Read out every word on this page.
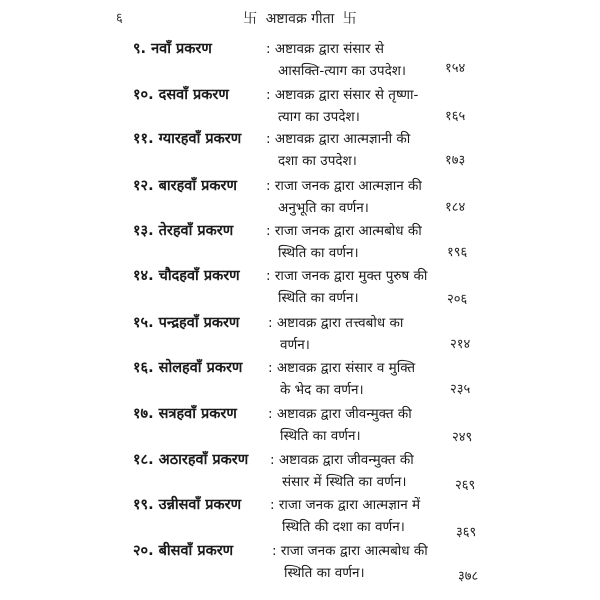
६	卐 अष्टावक्र गीता 卐
९. नवाँ प्रकरण	: अष्टावक्र द्वारा संसार से
आसक्ति-त्याग का उपदेश।	१५४
१०. दसवाँ प्रकरण	: अष्टावक्र द्वारा संसार से तृष्णा-
त्याग का उपदेश।	१६५
११. ग्यारहवाँ प्रकरण : अष्टावक्र द्वारा आत्मज्ञानी की
दशा का उपदेश।	१७३
१२. बारहवाँ प्रकरण : राजा जनक द्वारा आत्मज्ञान की
अनुभूति का वर्णन।	१८४
१३. तेरहवाँ प्रकरण : राजा जनक द्वारा आत्मबोध की
स्थिति का वर्णन।	१९६
१४. चौदहवाँ प्रकरण : राजा जनक द्वारा मुक्त पुरुष की
स्थिति का वर्णन।	२०६
१५. पन्द्रहवाँ प्रकरण : अष्टावक्र द्वारा तत्त्वबोध का
वर्णन।	२१४
१६. सोलहवाँ प्रकरण : अष्टावक्र द्वारा संसार व मुक्ति
के भेद का वर्णन।	२३५
१७. सत्रहवाँ प्रकरण : अष्टावक्र द्वारा जीवन्मुक्त की
स्थिति का वर्णन।	२४९
१८. अठारहवाँ प्रकरण : अष्टावक्र द्वारा जीवन्मुक्त की
संसार में स्थिति का वर्णन।	२६९
१९. उन्नीसवाँ प्रकरण : राजा जनक द्वारा आत्मज्ञान में
स्थिति की दशा का वर्णन।	३६९
२०. बीसवाँ प्रकरण	: राजा जनक द्वारा आत्मबोध की
स्थिति का वर्णन।	३७८
